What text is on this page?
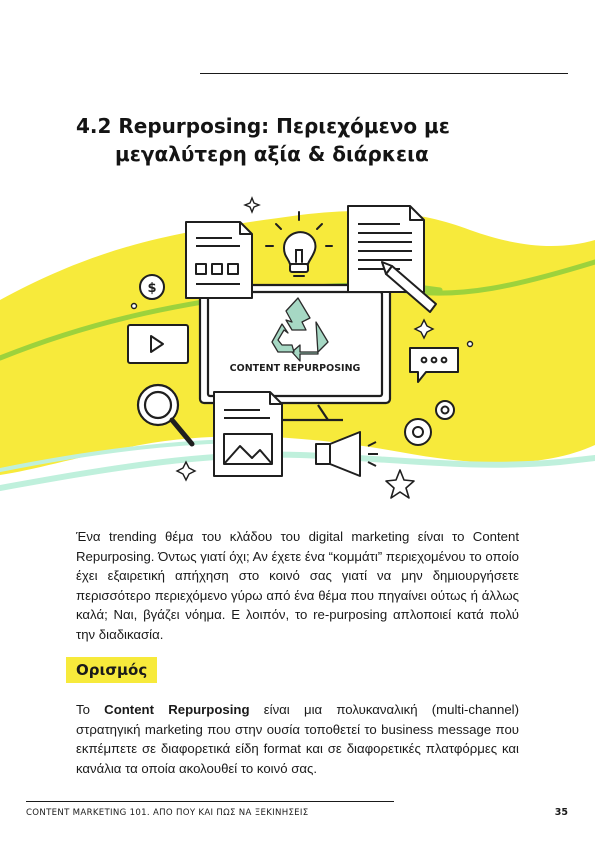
4.2 Repurposing: Περιεχόμενο με
μεγαλύτερη αξία & διάρκεια
CONTENT REPURPOSING
$

Ένα trending θέμα του κλάδου του digital marketing είναι το Content Repurposing. Όντως γιατί όχι; Αν έχετε ένα “κομμάτι” περιεχομένου το οποίο έχει εξαιρετική απήχηση στο κοινό σας γιατί να μην δημιουργήσετε περισσότερο περιεχόμενο γύρω από ένα θέμα που πηγαίνει ούτως ή άλλως καλά; Ναι, βγάζει νόημα. Ε λοιπόν, το re-purposing απλοποιεί κατά πολύ την διαδικασία.

Ορισμός

Το Content Repurposing είναι μια πολυκαναλική (multi-channel) στρατηγική marketing που στην ουσία τοποθετεί το business message που εκπέμπετε σε διαφορετικά είδη format και σε διαφορετικές πλατφόρμες και κανάλια τα οποία ακολουθεί το κοινό σας.

CONTENT MARKETING 101. ΑΠΟ ΠΟΥ ΚΑΙ ΠΩΣ ΝΑ ΞΕΚΙΝΗΣΕΙΣ	35
